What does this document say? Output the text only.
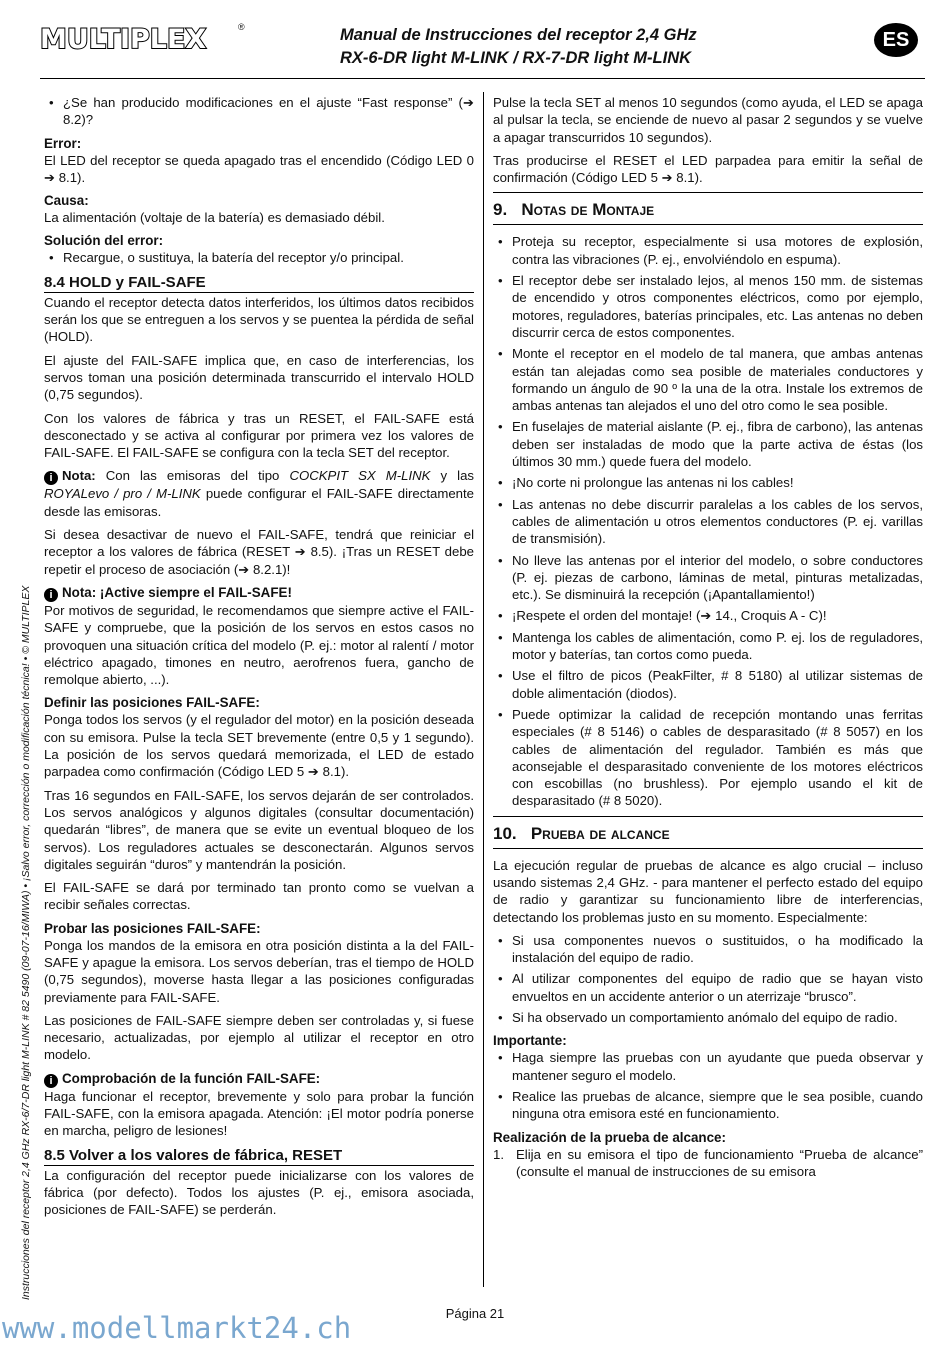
MULTIPLEX	®	Manual de Instrucciones del receptor 2,4 GHz
RX-6-DR light M-LINK / RX-7-DR light M-LINK
ES
Instrucciones del receptor 2,4 GHz RX-6/7-DR light M-LINK # 82 5490 (09-07-16/MIWA) • ¡Salvo error, corrección o modificación técnica! • © MULTIPLEX
• ¿Se han producido modificaciones en el ajuste “Fast response” (➔ 8.2)?
Error:

El LED del receptor se queda apagado tras el encendido (Código LED 0 ➔ 8.1).

Causa:

La alimentación (voltaje de la batería) es demasiado débil.

Solución del error:
• Recargue, o sustituya, la batería del receptor y/o principal.
8.4 HOLD y FAIL-SAFE

Cuando el receptor detecta datos interferidos, los últimos datos recibidos serán los que se entreguen a los servos y se puentea la pérdida de señal (HOLD).

El ajuste del FAIL-SAFE implica que, en caso de interferencias, los servos toman una posición determinada transcurrido el intervalo HOLD (0,75 segundos).

Con los valores de fábrica y tras un RESET, el FAIL-SAFE está desconectado y se activa al configurar por primera vez los valores de FAIL-SAFE. El FAIL-SAFE se configura con la tecla SET del receptor.

i Nota: Con las emisoras del tipo COCKPIT SX M-LINK y las ROYALevo / pro / M-LINK puede configurar el FAIL-SAFE directamente desde las emisoras.

Si desea desactivar de nuevo el FAIL-SAFE, tendrá que reiniciar el receptor a los valores de fábrica (RESET ➔ 8.5). ¡Tras un RESET debe repetir el proceso de asociación (➔ 8.2.1)!

i Nota: ¡Active siempre el FAIL-SAFE!

Por motivos de seguridad, le recomendamos que siempre active el FAIL-SAFE y compruebe, que la posición de los servos en estos casos no provoquen una situación crítica del modelo (P. ej.: motor al ralentí / motor eléctrico apagado, timones en neutro, aerofrenos fuera, gancho de remolque abierto, ...).

Definir las posiciones FAIL-SAFE:

Ponga todos los servos (y el regulador del motor) en la posición deseada con su emisora. Pulse la tecla SET brevemente (entre 0,5 y 1 segundo). La posición de los servos quedará memorizada, el LED de estado parpadea como confirmación (Código LED 5 ➔ 8.1).

Tras 16 segundos en FAIL-SAFE, los servos dejarán de ser controlados. Los servos analógicos y algunos digitales (consultar documentación) quedarán “libres”, de manera que se evite un eventual bloqueo de los servos). Los reguladores actuales se desconectarán. Algunos servos digitales seguirán “duros” y mantendrán la posición.

El FAIL-SAFE se dará por terminado tan pronto como se vuelvan a recibir señales correctas.

Probar las posiciones FAIL-SAFE:

Ponga los mandos de la emisora en otra posición distinta a la del FAIL-SAFE y apague la emisora. Los servos deberían, tras el tiempo de HOLD (0,75 segundos), moverse hasta llegar a las posiciones configuradas previamente para FAIL-SAFE.

Las posiciones de FAIL-SAFE siempre deben ser controladas y, si fuese necesario, actualizadas, por ejemplo al utilizar el receptor en otro modelo.

i Comprobación de la función FAIL-SAFE:

Haga funcionar el receptor, brevemente y solo para probar la función FAIL-SAFE, con la emisora apagada. Atención: ¡El motor podría ponerse en marcha, peligro de lesiones!

8.5 Volver a los valores de fábrica, RESET

La configuración del receptor puede inicializarse con los valores de fábrica (por defecto). Todos los ajustes (P. ej., emisora asociada, posiciones de FAIL-SAFE) se perderán.

Pulse la tecla SET al menos 10 segundos (como ayuda, el LED se apaga al pulsar la tecla, se enciende de nuevo al pasar 2 segundos y se vuelve a apagar transcurridos 10 segundos).

Tras producirse el RESET el LED parpadea para emitir la señal de confirmación (Código LED 5 ➔ 8.1).

9. Notas de Montaje
• Proteja su receptor, especialmente si usa motores de explosión, contra las vibraciones (P. ej., envolviéndolo en espuma).
• El receptor debe ser instalado lejos, al menos 150 mm. de sistemas de encendido y otros componentes eléctricos, como por ejemplo, motores, reguladores, baterías principales, etc. Las antenas no deben discurrir cerca de estos componentes.
• Monte el receptor en el modelo de tal manera, que ambas antenas están tan alejadas como sea posible de materiales conductores y formando un ángulo de 90 º la una de la otra. Instale los extremos de ambas antenas tan alejados el uno del otro como le sea posible.
• En fuselajes de material aislante (P. ej., fibra de carbono), las antenas deben ser instaladas de modo que la parte activa de éstas (los últimos 30 mm.) quede fuera del modelo.
• ¡No corte ni prolongue las antenas ni los cables!
• Las antenas no debe discurrir paralelas a los cables de los servos, cables de alimentación u otros elementos conductores (P. ej. varillas de transmisión).
• No lleve las antenas por el interior del modelo, o sobre conductores (P. ej. piezas de carbono, láminas de metal, pinturas metalizadas, etc.). Se disminuirá la recepción (¡Apantallamiento!)
• ¡Respete el orden del montaje! (➔ 14., Croquis A - C)!
• Mantenga los cables de alimentación, como P. ej. los de reguladores, motor y baterías, tan cortos como pueda.
• Use el filtro de picos (PeakFilter, # 8 5180) al utilizar sistemas de doble alimentación (diodos).
• Puede optimizar la calidad de recepción montando unas ferritas especiales (# 8 5146) o cables de desparasitado (# 8 5057) en los cables de alimentación del regulador. También es más que aconsejable el desparasitado conveniente de los motores eléctricos con escobillas (no brushless). Por ejemplo usando el kit de desparasitado (# 8 5020).
10. Prueba de alcance

La ejecución regular de pruebas de alcance es algo crucial – incluso usando sistemas 2,4 GHz. - para mantener el perfecto estado del equipo de radio y garantizar su funcionamiento libre de interferencias, detectando los problemas justo en su momento. Especialmente:

• Si usa componentes nuevos o sustituidos, o ha modificado la instalación del equipo de radio.
• Al utilizar componentes del equipo de radio que se hayan visto envueltos en un accidente anterior o un aterrizaje “brusco”.
• Si ha observado un comportamiento anómalo del equipo de radio.
Importante:
• Haga siempre las pruebas con un ayudante que pueda observar y mantener seguro el modelo.
• Realice las pruebas de alcance, siempre que le sea posible, cuando ninguna otra emisora esté en funcionamiento.
Realización de la prueba de alcance:
1. Elija en su emisora el tipo de funcionamiento “Prueba de alcance” (consulte el manual de instrucciones de su emisora
Página 21
www.modellmarkt24.ch
